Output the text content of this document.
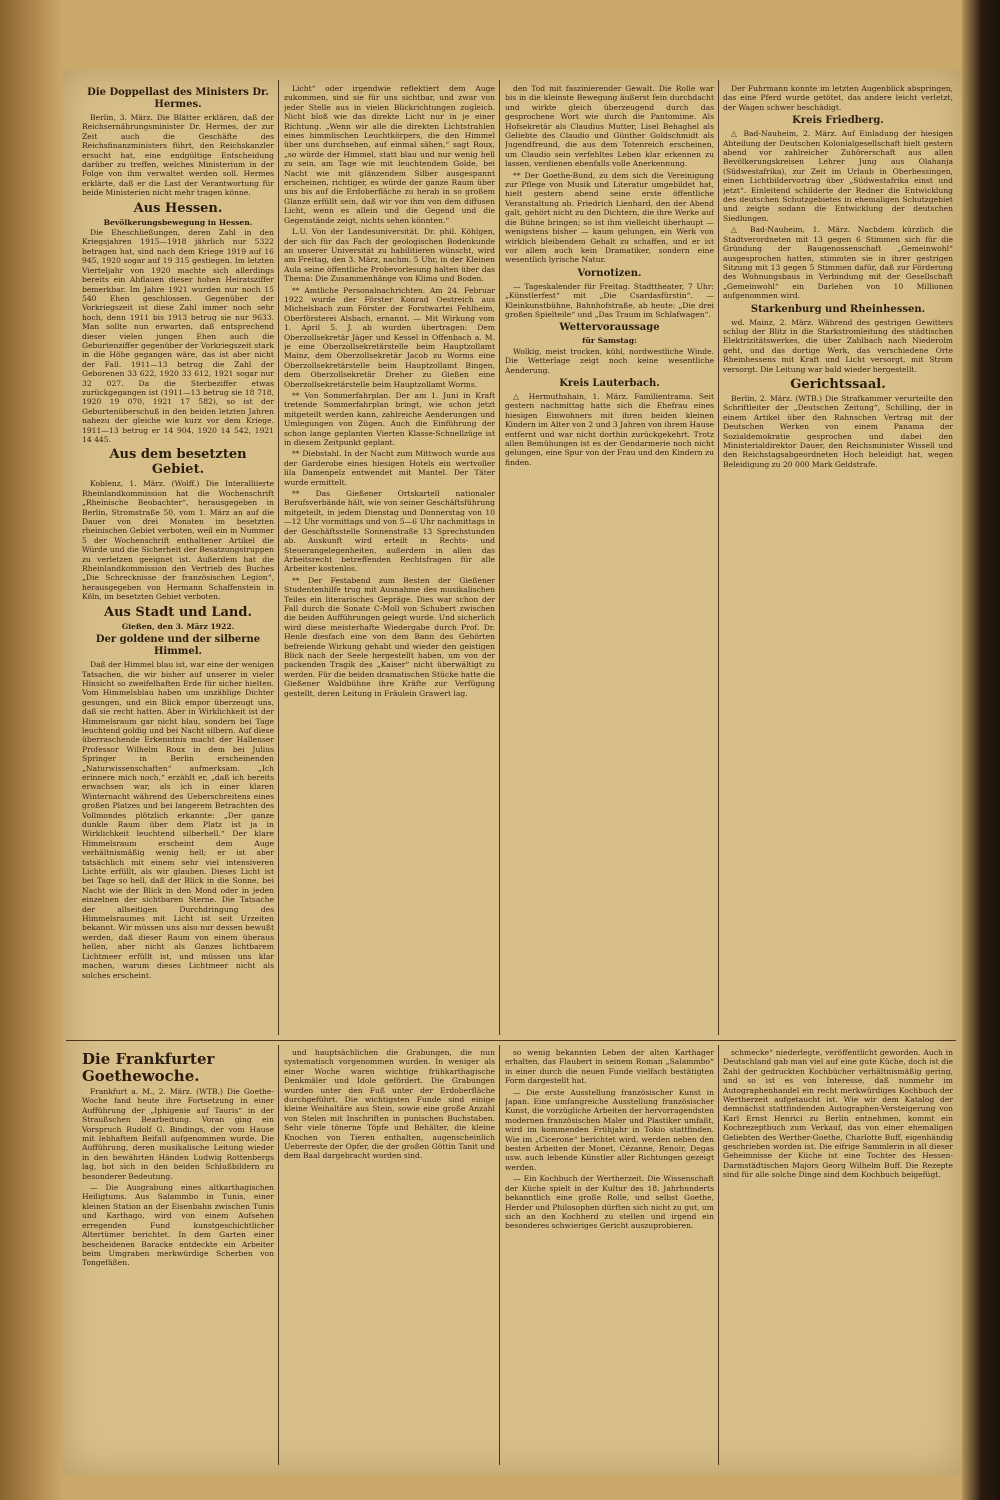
Die Doppellast des Ministers Dr. Hermes.

Berlin, 3. März. Die Blätter erklären, daß der Reichsernährungsminister Dr. Hermes, der zur Zeit auch die Geschäfte des Reichsfinanzministers führt, den Reichskanzler ersucht hat, eine endgültige Entscheidung darüber zu treffen, welches Ministerium in der Folge von ihm verwaltet werden soll. Hermes erklärte, daß er die Last der Verantwortung für beide Ministerien nicht mehr tragen könne.

Aus Hessen.
Bevölkerungsbewegung in Hessen.

Die Eheschließungen, deren Zahl in den Kriegsjahren 1915—1918 jährlich nur 5322 betragen hat, sind nach dem Kriege 1919 auf 16 945, 1920 sogar auf 19 315 gestiegen. Im letzten Vierteljahr von 1920 machte sich allerdings bereits ein Abflauen dieser hohen Heiratsziffer bemerkbar. Im Jahre 1921 wurden nur noch 15 540 Ehen geschlossen. Gegenüber der Vorkriegszeit ist diese Zahl immer noch sehr hoch, denn 1911 bis 1913 betrug sie nur 9633. Man sollte nun erwarten, daß entsprechend dieser vielen jungen Ehen auch die Geburtenziffer gegenüber der Vorkriegszeit stark in die Höhe gegangen wäre, das ist aber nicht der Fall. 1911—13 betrug die Zahl der Geborenen 33 622, 1920 33 612, 1921 sogar nur 32 027. Da die Sterbeziffer etwas zurückgegangen ist (1911—13 betrug sie 18 718, 1920 19 070, 1921 17 582), so ist der Geburtenüberschuß in den beiden letzten Jahren nahezu der gleiche wie kurz vor dem Kriege. 1911—13 betrug er 14 904, 1920 14 542, 1921 14 445.

Aus dem besetzten Gebiet.

Koblenz, 1. März. (Wolff.) Die Interalliierte Rheinlandkommission hat die Wochenschrift „Rheinische Beobachter“, herausgegeben in Berlin, Stromstraße 50, vom 1. März an auf die Dauer von drei Monaten im besetzten rheinischen Gebiet verboten, weil ein in Nummer 5 der Wochenschrift enthaltener Artikel die Würde und die Sicherheit der Besatzungstruppen zu verletzen geeignet ist. Außerdem hat die Rheinlandkommission den Vertrieb des Buches „Die Schrecknisse der französischen Legion“, herausgegeben von Hermann Schaffenstein in Köln, im besetzten Gebiet verboten.

Aus Stadt und Land.
Gießen, den 3. März 1922.
Der goldene und der silberne Himmel.

Daß der Himmel blau ist, war eine der wenigen Tatsachen, die wir bisher auf unserer in vieler Hinsicht so zweifelhaften Erde für sicher hielten. Vom Himmelsblau haben uns unzählige Dichter gesungen, und ein Blick empor überzeugt uns, daß sie recht hatten. Aber in Wirklichkeit ist der Himmelsraum gar nicht blau, sondern bei Tage leuchtend goldig und bei Nacht silbern. Auf diese überraschende Erkenntnis macht der Hallenser Professor Wilhelm Roux in dem bei Julius Springer in Berlin erscheinenden „Naturwissenschaften“ aufmerksam. „Ich erinnere mich noch,“ erzählt er, „daß ich bereits erwachsen war, als ich in einer klaren Winternacht während des Ueberschreitens eines großen Platzes und bei langerem Betrachten des Vollmondes plötzlich erkannte: „Der ganze dunkle Raum über dem Platz ist ja in Wirklichkeit leuchtend silberhell.“ Der klare Himmelsraum erscheint dem Auge verhältnismäßig wenig hell; er ist aber tatsächlich mit einem sehr viel intensiveren Lichte erfüllt, als wir glauben. Dieses Licht ist bei Tage so hell, daß der Blick in die Sonne, bei Nacht wie der Blick in den Mond oder in jeden einzelnen der sichtbaren Sterne. Die Tatsache der allseitigen Durchdringung des Himmelsraumes mit Licht ist seit Urzeiten bekannt. Wir müssen uns also nur dessen bewußt werden, daß dieser Raum von einem überaus hellen, aber nicht als Ganzes lichtbarem Lichtmeer erfüllt ist, und müssen uns klar machen, warum dieses Lichtmeer nicht als solches erscheint.

Licht“ oder irgendwie reflektiert dem Auge zukommen, sind sie für uns sichtbar, und zwar von jeder Stelle aus in vielen Blickrichtungen zugleich. Nicht bloß wie das direkte Licht nur in je einer Richtung. „Wenn wir alle die direkten Lichtstrahlen eines himmlischen Leuchtkörpers, die den Himmel über uns durchsehen, auf einmal sähen,“ sagt Roux, „so würde der Himmel, statt blau und nur wenig hell zu sein, am Tage wie mit leuchtendem Golde, bei Nacht wie mit glänzendem Silber ausgespannt erscheinen, richtiger, es würde der ganze Raum über uns bis auf die Erdoberfläche zu herab in so großem Glanze erfüllt sein, daß wir vor ihm von dem diffusen Licht, wenn es allein und die Gegend und die Gegenstände zeigt, nichts sehen könnten.“

L.U. Von der Landesuniversität. Dr. phil. Köhlgen, der sich für das Fach der geologischen Bodenkunde an unserer Universität zu habilitieren wünscht, wird am Freitag, den 3. März, nachm. 5 Uhr, in der Kleinen Aula seine öffentliche Probevorlesung halten über das Thema: Die Zusammenhänge von Klima und Boden.

** Amtliche Personalnachrichten. Am 24. Februar 1922 wurde der Förster Konrad Oestreich aus Michelsbach zum Förster der Forstwartei Fehlheim, Oberförsterei Alsbach, ernannt. — Mit Wirkung vom 1. April 5. J. ab wurden übertragen: Dem Oberzollsekretär Jäger und Kessel in Offenbach a. M. je eine Oberzollsekretärstelle beim Hauptzollamt Mainz, dem Oberzollsekretär Jacob zu Worms eine Oberzollsekretärstelle beim Hauptzollamt Bingen, dem Oberzollsekretär Dreher zu Gießen eine Oberzollsekretärstelle beim Hauptzollamt Worms.

** Von Sommerfahrplan. Der am 1. Juni in Kraft tretende Sommerfahrplan bringt, wie schon jetzt mitgeteilt werden kann, zahlreiche Aenderungen und Umlegungen von Zügen. Auch die Einführung der schon lange geplanten Vierten Klasse-Schnellzüge ist in diesem Zeitpunkt geplant.

** Diebstahl. In der Nacht zum Mittwoch wurde aus der Garderobe eines hiesigen Hotels ein wertvoller lila Damenpelz entwendet mit Mantel. Der Täter wurde ermittelt.

** Das Gießener Ortskartell nationaler Berufsverbände hält, wie von seiner Geschäftsführung mitgeteilt, in jedem Dienstag und Donnerstag von 10—12 Uhr vormittags und von 5—6 Uhr nachmittags in der Geschäftsstelle Sonnenstraße 13 Sprechstunden ab. Auskunft wird erteilt in Rechts- und Steuerangelegenheiten, außerdem in allen das Arbeitsrecht betreffenden Rechtsfragen für alle Arbeiter kostenlos.

** Der Festabend zum Besten der Gießener Studentenhilfe trug mit Ausnahme des musikalischen Teiles ein literarisches Gepräge. Dies war schon der Fall durch die Sonate C-Moll von Schubert zwischen die beiden Aufführungen gelegt wurde. Und sicherlich wird diese meisterhafte Wiedergabe durch Prof. Dr. Henle diesfach eine von dem Bann des Gehörten befreiende Wirkung gehabt und wieder den geistigen Blick nach der Seele hergestellt haben, um von der packenden Tragik des „Kaiser“ nicht überwältigt zu werden. Für die beiden dramatischen Stücke hatte die Gießener Waldbühne ihre Kräfte zur Verfügung gestellt, deren Leitung in Fräulein Grawert lag.

den Tod mit faszinierender Gewalt. Die Rolle war bis in die kleinste Bewegung äußerst fein durchdacht und wirkte gleich überzeugend durch das gesprochene Wort wie durch die Pantomime. Als Hofsekretär als Claudius Mutter, Lisel Behaghel als Geliebte des Claudio und Günther Goldschmidt als Jugendfreund, die aus dem Totenreich erscheinen, um Claudio sein verfehltes Leben klar erkennen zu lassen, verdienen ebenfalls volle Anerkennung.

** Der Goethe-Bund, zu dem sich die Vereinigung zur Pflege von Musik und Literatur umgebildet hat, hielt gestern abend seine erste öffentliche Veranstaltung ab. Friedrich Lienhard, den der Abend galt, gehört nicht zu den Dichtern, die ihre Werke auf die Bühne bringen; so ist ihm vielleicht überhaupt — wenigstens bisher — kaum gelungen, ein Werk von wirklich bleibendem Gehalt zu schaffen, und er ist vor allem auch kein Dramatiker, sondern eine wesentlich lyrische Natur.

Vornotizen.

— Tageskalender für Freitag. Stadttheater, 7 Uhr: „Künstlerfest“ mit „Die Csardasfürstin“. — Kleinkunstbühne, Bahnhofstraße, ab heute: „Die drei großen Spielteile“ und „Das Traum im Schlafwagen“.

Wettervoraussage
für Samstag:

Wolkig, meist trocken, kühl, nordwestliche Winde. Die Wetterlage zeigt noch keine wesentliche Aenderung.

Kreis Lauterbach.

△ Hermuthshain, 1. März. Familientrama. Seit gestern nachmittag hatte sich die Ehefrau eines hiesigen Einwohners mit ihren beiden kleinen Kindern im Alter von 2 und 3 Jahren von ihrem Hause entfernt und war nicht dorthin zurückgekehrt. Trotz allen Bemühungen ist es der Gendarmerie noch nicht gelungen, eine Spur von der Frau und den Kindern zu finden.

Der Fuhrmann konnte im letzten Augenblick abspringen, das eine Pferd wurde getötet, das andere leicht verletzt, der Wagen schwer beschädigt.

Kreis Friedberg.

△ Bad-Nauheim, 2. März. Auf Einladung der hiesigen Abteilung der Deutschen Kolonialgesellschaft hielt gestern abend vor zahlreicher Zuhörerschaft aus allen Bevölkerungskreisen Lehrer Jung aus Olahanja (Südwestafrika), zur Zeit im Urlaub in Oberbessingen, einen Lichtbildervortrag über „Südwestafrika einst und jetzt“. Einleitend schilderte der Redner die Entwicklung des deutschen Schutzgebietes in ehemaligen Schutzgebiet und zeigte sodann die Entwicklung der deutschen Siedlungen.

△ Bad-Nauheim, 1. März. Nachdem kürzlich die Stadtverordneten mit 13 gegen 6 Stimmen sich für die Gründung der Baugenossenschaft „Gemeinwohl“ ausgesprochen hatten, stimmten sie in ihrer gestrigen Sitzung mit 13 gegen 5 Stimmen dafür, daß zur Förderung des Wohnungsbaus in Verbindung mit der Gesellschaft „Gemeinwohl“ ein Darlehen von 10 Millionen aufgenommen wird.

Starkenburg und Rheinhessen.

wd. Mainz, 2. März. Während des gestrigen Gewitters schlug der Blitz in die Starkstromleitung des städtischen Elektrizitätswerkes, die über Zahlbach nach Niederolm geht, und das dortige Werk, das verschiedene Orte Rheinhessens mit Kraft und Licht versorgt, mit Strom versorgt. Die Leitung war bald wieder hergestellt.

Gerichtssaal.

Berlin, 2. März. (WTB.) Die Strafkammer verurteilte den Schriftleiter der „Deutschen Zeitung“, Schilling, der in einem Artikel über den Rahnschen Vertrag mit der Deutschen Werken von einem Panama der Sozialdemokratie gesprochen und dabei den Ministerialdirektor Dauer, den Reichsminister Wissell und den Reichstagsabgeordneten Hoch beleidigt hat, wegen Beleidigung zu 20 000 Mark Geldstrafe.

Die Frankfurter Goethewoche.

Frankfurt a. M., 2. März. (WTB.) Die Goethe-Woche fand heute ihre Fortsetzung in einer Aufführung der „Iphigenie auf Tauris“ in der Straußschen Bearbeitung. Voran ging ein Vorspruch Rudolf G. Bindings, der vom Hause mit lebhaftem Beifall aufgenommen wurde. Die Aufführung, deren musikalische Leitung wieder in den bewährten Händen Ludwig Rottenbergs lag, bot sich in den beiden Schlußbildern zu besonderer Bedeutung.

— Die Ausgrabung eines altkarthagischen Heiligtums. Aus Salammbo in Tunis, einer kleinen Station an der Eisenbahn zwischen Tunis und Karthago, wird von einem Aufsehen erregenden Fund kunstgeschichtlicher Altertümer berichtet. In dem Garten einer bescheidenen Baracke entdeckte ein Arbeiter beim Umgraben merkwürdige Scherben von Tongefäßen.

und hauptsächlichen die Grabungen, die nun systematisch vorgenommen wurden. In weniger als einer Woche waren wichtige frühkarthagische Denkmäler und Idole gefördert. Die Grabungen wurden unter den Fuß unter der Erdoberfläche durchgeführt. Die wichtigsten Funde sind einige kleine Weihaltäre aus Stein, sowie eine große Anzahl von Stelen mit Inschriften in punischen Buchstaben. Sehr viele tönerne Töpfe und Behälter, die kleine Knochen von Tieren enthalten, augenscheinlich Ueberreste der Opfer, die der großen Göttin Tanit und dem Baal dargebracht worden sind.

so wenig bekannten Leben der alten Karthager erhalten, das Flaubert in seinem Roman „Salammbo“ in einer durch die neuen Funde vielfach bestätigten Form dargestellt hat.

— Die erste Ausstellung französischer Kunst in Japan. Eine umfangreiche Ausstellung französischer Kunst, die vorzügliche Arbeiten der hervorragendsten modernen französischen Maler und Plastiker umfaßt, wird im kommenden Frühjahr in Tokio stattfinden. Wie im „Cicerone“ berichtet wird, werden neben den besten Arbeiten der Monet, Cézanne, Renoir, Degas usw. auch lebende Künstler aller Richtungen gezeigt werden.

— Ein Kochbuch der Wertherzeit. Die Wissenschaft der Küche spielt in der Kultur des 18. Jahrhunderts bekanntlich eine große Rolle, und selbst Goethe, Herder und Philosophen dürften sich nicht zu gut, um sich an den Kochherd zu stellen und irgend ein besonderes schwieriges Gericht auszuprobieren.

schmecke“ niederlegte, veröffentlicht geworden. Auch in Deutschland gab man viel auf eine gute Küche, doch ist die Zahl der gedruckten Kochbücher verhältnismäßig gering, und so ist es von Interesse, daß nunmehr im Autographenhandel ein recht merkwürdiges Kochbuch der Wertherzeit aufgetaucht ist. Wie wir dem Katalog der demnächst stattfindenden Autographen-Versteigerung von Karl Ernst Henrici zu Berlin entnehmen, kommt ein Kochrezeptbuch zum Verkauf, das von einer ehemaligen Geliebten des Werther-Goethe, Charlotte Buff, eigenhändig geschrieben worden ist. Die eifrige Sammlerin in all dieser Geheimnisse der Küche ist eine Tochter des Hessen-Darmstädtischen Majors Georg Wilhelm Buff. Die Rezepte sind für alle solche Dinge sind dem Kochbuch beigefügt.
